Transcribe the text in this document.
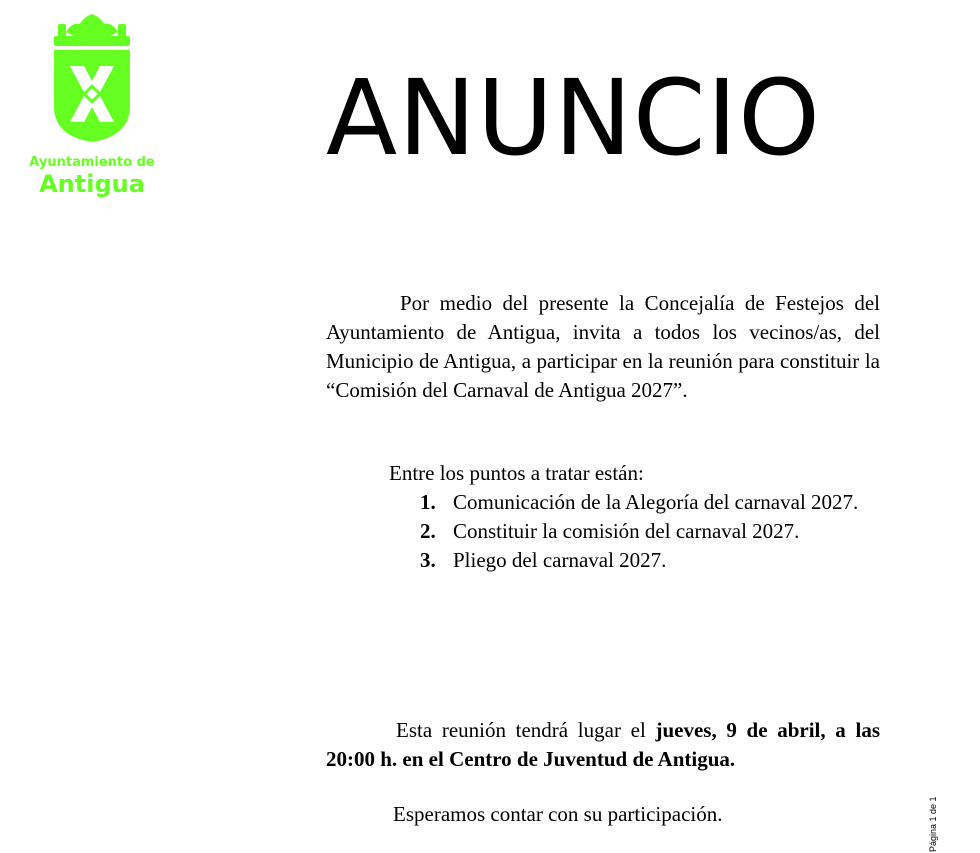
Ayuntamiento de
Antigua
ANUNCIO
Por medio del presente la Concejalía de Festejos del Ayuntamiento de Antigua, invita a todos los vecinos/as, del Municipio de Antigua, a participar en la reunión para constituir la “Comisión del Carnaval de Antigua 2027”.
Entre los puntos a tratar están:
1. Comunicación de la Alegoría del carnaval 2027.
2. Constituir la comisión del carnaval 2027.
3. Pliego del carnaval 2027.
Esta reunión tendrá lugar el jueves, 9 de abril, a las 20:00 h. en el Centro de Juventud de Antigua.
Esperamos contar con su participación.	Página 1 de 1
